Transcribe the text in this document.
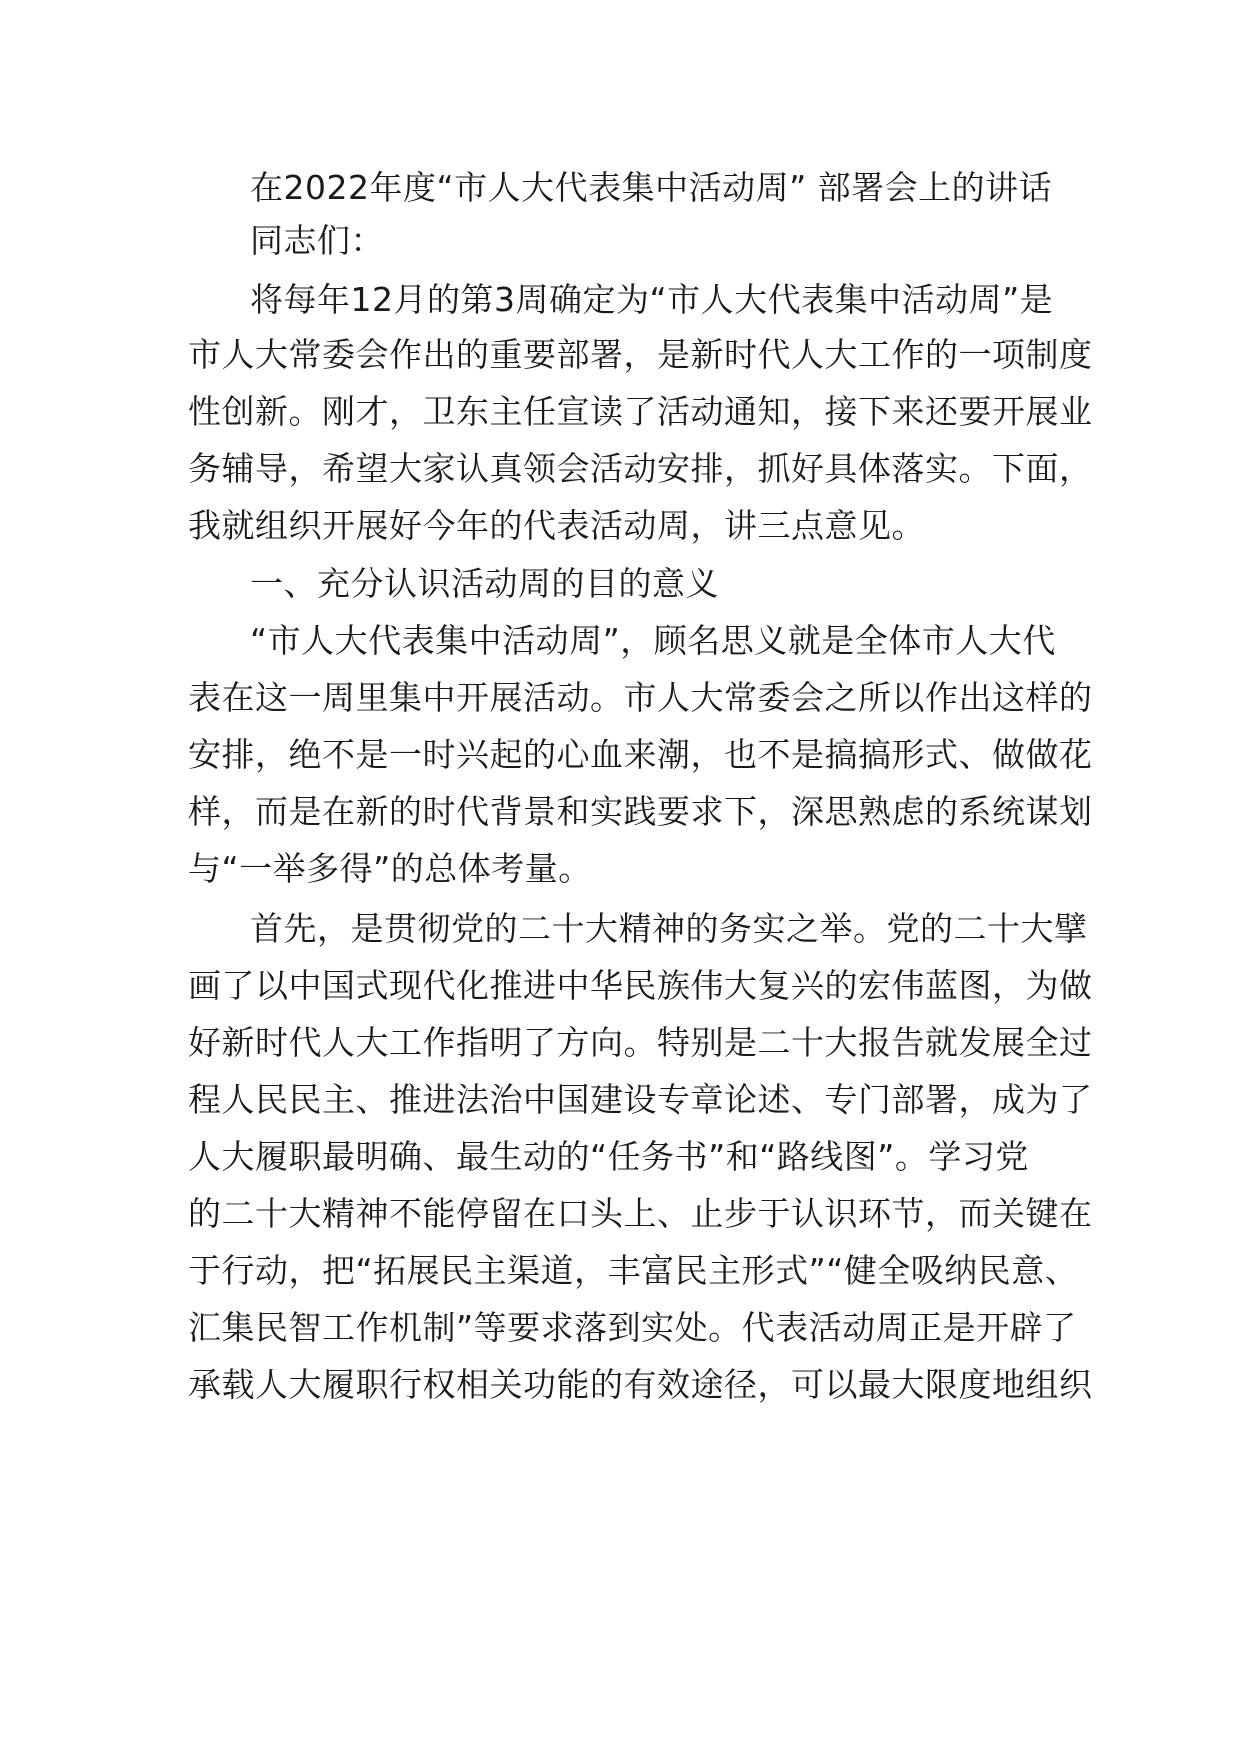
在2022年度“市人大代表集中活动周” 部署会上的讲话
同志们：
将每年12月的第3周确定为“市人大代表集中活动周”是
市人大常委会作出的重要部署，是新时代人大工作的一项制度
性创新。刚才，卫东主任宣读了活动通知，接下来还要开展业
务辅导，希望大家认真领会活动安排，抓好具体落实。下面，
我就组织开展好今年的代表活动周，讲三点意见。
一、充分认识活动周的目的意义
“市人大代表集中活动周”，顾名思义就是全体市人大代
表在这一周里集中开展活动。市人大常委会之所以作出这样的
安排，绝不是一时兴起的心血来潮，也不是搞搞形式、做做花
样，而是在新的时代背景和实践要求下，深思熟虑的系统谋划
与“一举多得”的总体考量。
首先，是贯彻党的二十大精神的务实之举。党的二十大擘
画了以中国式现代化推进中华民族伟大复兴的宏伟蓝图，为做
好新时代人大工作指明了方向。特别是二十大报告就发展全过
程人民民主、推进法治中国建设专章论述、专门部署，成为了
人大履职最明确、最生动的“任务书”和“路线图”。学习党
的二十大精神不能停留在口头上、止步于认识环节，而关键在
于行动，把“拓展民主渠道，丰富民主形式”“健全吸纳民意、
汇集民智工作机制”等要求落到实处。代表活动周正是开辟了
承载人大履职行权相关功能的有效途径，可以最大限度地组织
